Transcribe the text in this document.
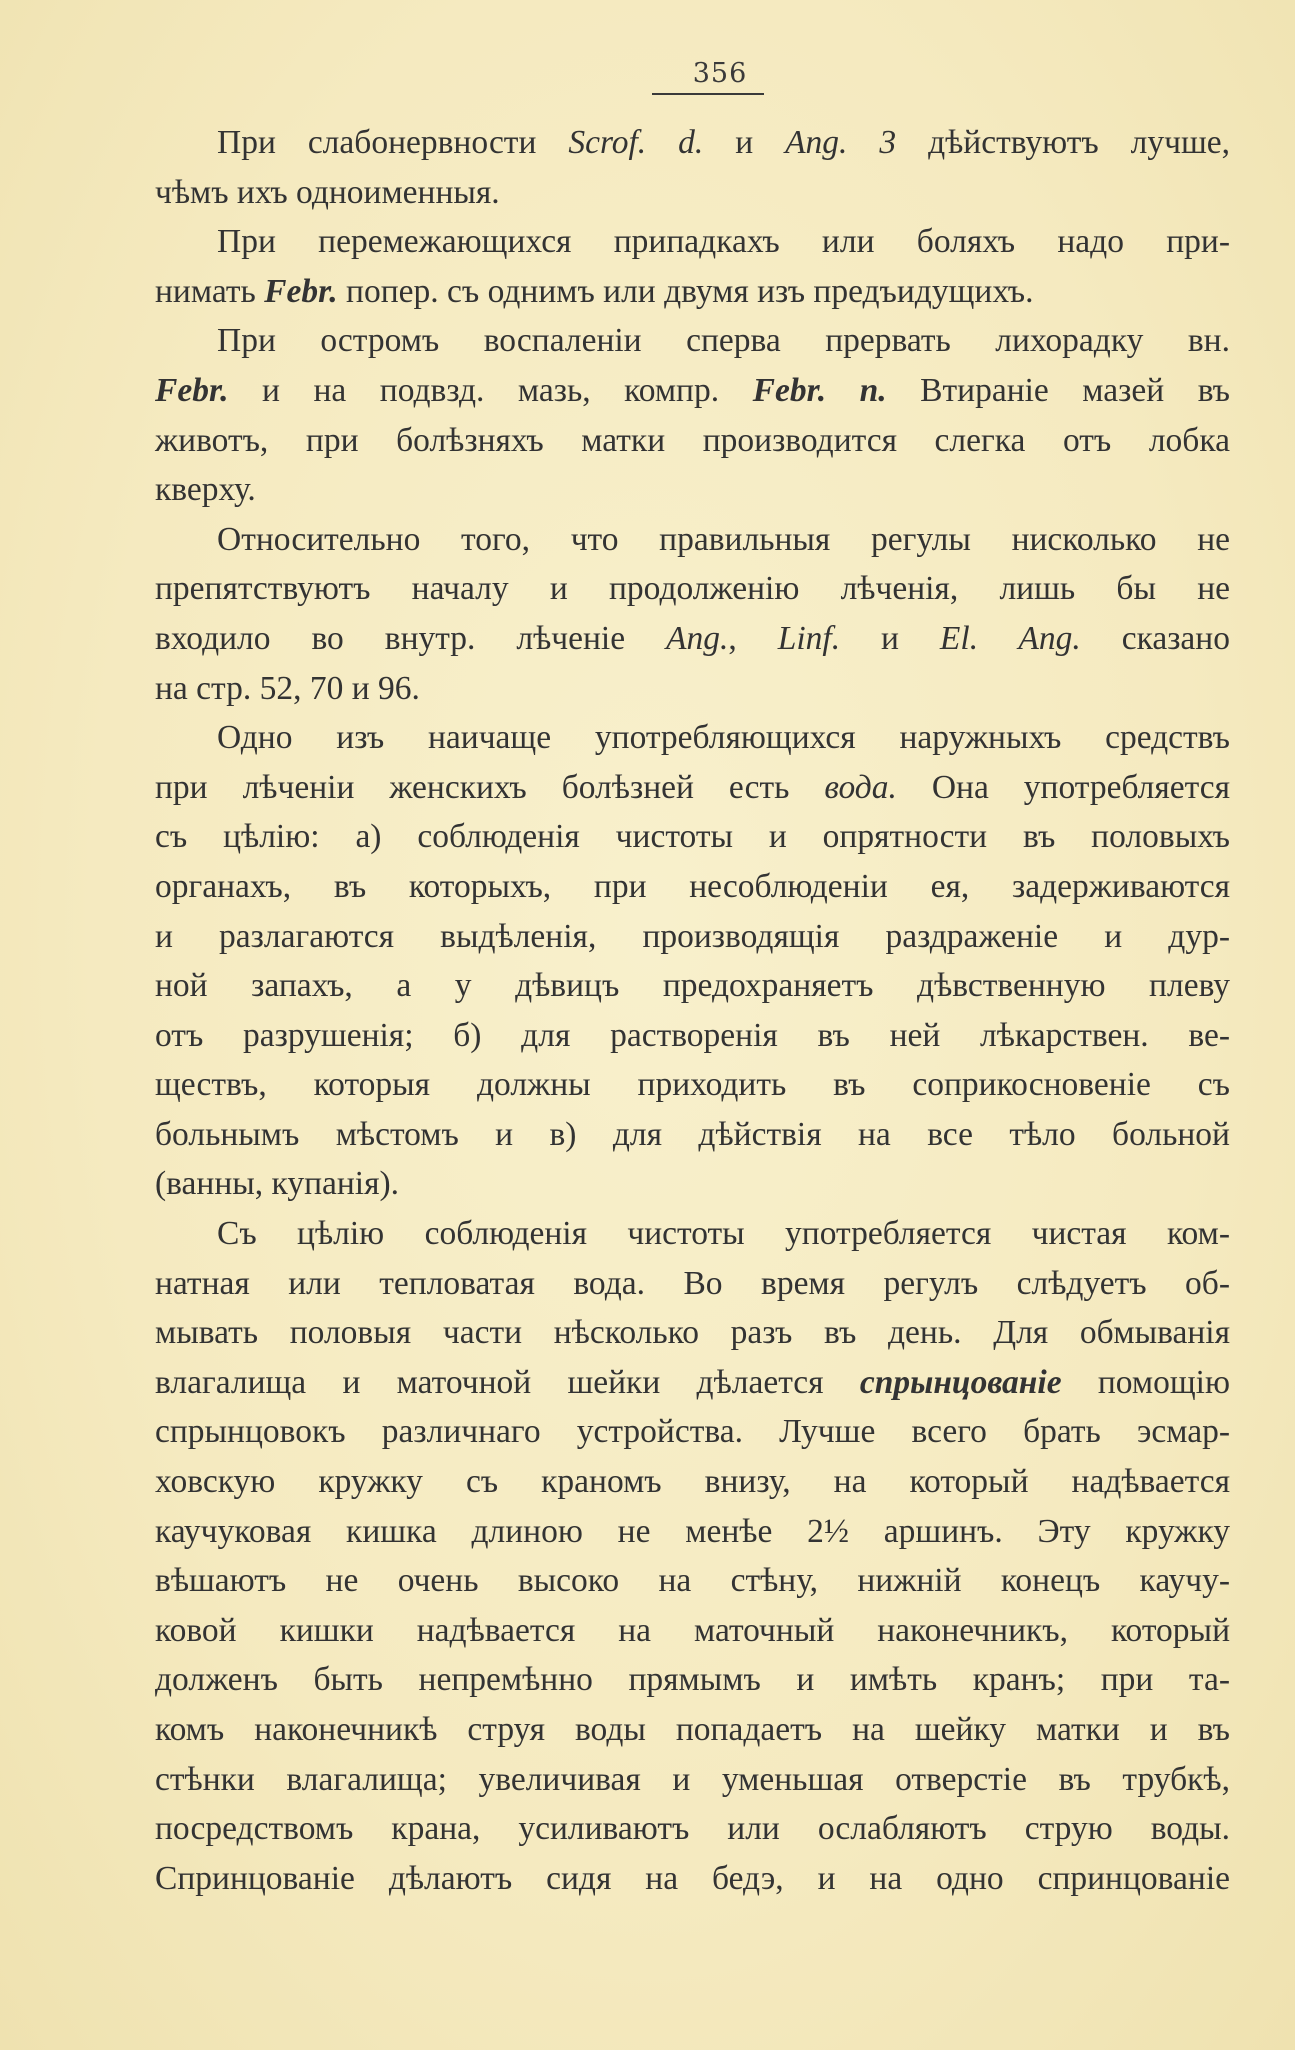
356
При слабонервности Scrof. d. и Ang. 3 дѣйствуютъ лучше,
чѣмъ ихъ одноименныя.
При перемежающихся припадкахъ или боляхъ надо при-
нимать Febr. попер. съ однимъ или двумя изъ предъидущихъ.
При остромъ воспаленіи сперва прервать лихорадку вн.
Febr. и на подвзд. мазь, компр. Febr. n. Втираніе мазей въ
животъ, при болѣзняхъ матки производится слегка отъ лобка
кверху.
Относительно того, что правильныя регулы нисколько не
препятствуютъ началу и продолженію лѣченія, лишь бы не
входило во внутр. лѣченіе Ang., Linf. и El. Ang. сказано
на стр. 52, 70 и 96.
Одно изъ наичаще употребляющихся наружныхъ средствъ
при лѣченіи женскихъ болѣзней есть вода. Она употребляется
съ цѣлію: а) соблюденія чистоты и опрятности въ половыхъ
органахъ, въ которыхъ, при несоблюденіи ея, задерживаются
и разлагаются выдѣленія, производящія раздраженіе и дур-
ной запахъ, а у дѣвицъ предохраняетъ дѣвственную плеву
отъ разрушенія; б) для растворенія въ ней лѣкарствен. ве-
ществъ, которыя должны приходить въ соприкосновеніе съ
больнымъ мѣстомъ и в) для дѣйствія на все тѣло больной
(ванны, купанія).
Съ цѣлію соблюденія чистоты употребляется чистая ком-
натная или тепловатая вода. Во время регулъ слѣдуетъ об-
мывать половыя части нѣсколько разъ въ день. Для обмыванія
влагалища и маточной шейки дѣлается спрынцованіе помощію
спрынцовокъ различнаго устройства. Лучше всего брать эсмар-
ховскую кружку съ краномъ внизу, на который надѣвается
каучуковая кишка длиною не менѣе 2½ аршинъ. Эту кружку
вѣшаютъ не очень высоко на стѣну, нижній конецъ каучу-
ковой кишки надѣвается на маточный наконечникъ, который
долженъ быть непремѣнно прямымъ и имѣть кранъ; при та-
комъ наконечникѣ струя воды попадаетъ на шейку матки и въ
стѣнки влагалища; увеличивая и уменьшая отверстіе въ трубкѣ,
посредствомъ крана, усиливаютъ или ослабляютъ струю воды.
Спринцованіе дѣлаютъ сидя на бедэ, и на одно спринцованіе
